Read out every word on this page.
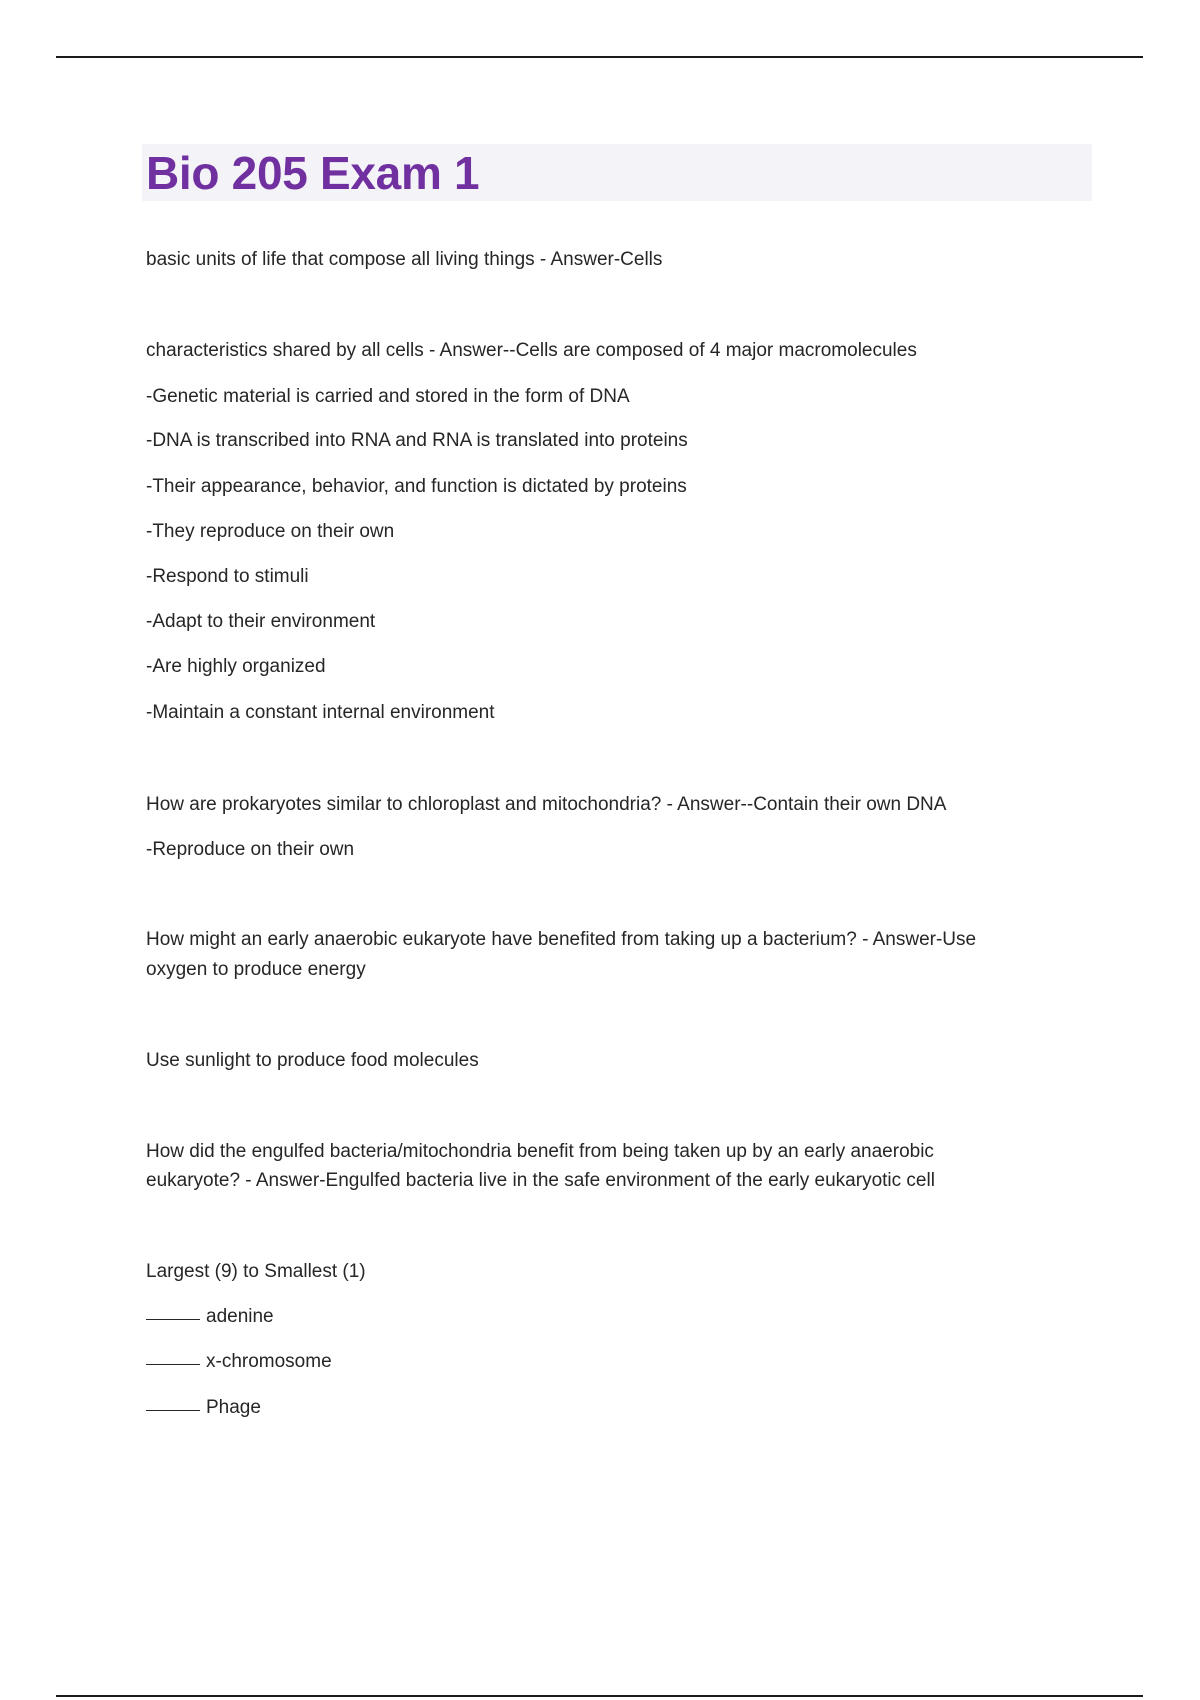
Bio 205 Exam 1
basic units of life that compose all living things - Answer-Cells
characteristics shared by all cells - Answer--Cells are composed of 4 major macromolecules
-Genetic material is carried and stored in the form of DNA
-DNA is transcribed into RNA and RNA is translated into proteins
-Their appearance, behavior, and function is dictated by proteins
-They reproduce on their own
-Respond to stimuli
-Adapt to their environment
-Are highly organized
-Maintain a constant internal environment
How are prokaryotes similar to chloroplast and mitochondria? - Answer--Contain their own DNA
-Reproduce on their own
How might an early anaerobic eukaryote have benefited from taking up a bacterium? - Answer-Use
oxygen to produce energy
Use sunlight to produce food molecules
How did the engulfed bacteria/mitochondria benefit from being taken up by an early anaerobic
eukaryote? - Answer-Engulfed bacteria live in the safe environment of the early eukaryotic cell
Largest (9) to Smallest (1)
adenine
x-chromosome
Phage
